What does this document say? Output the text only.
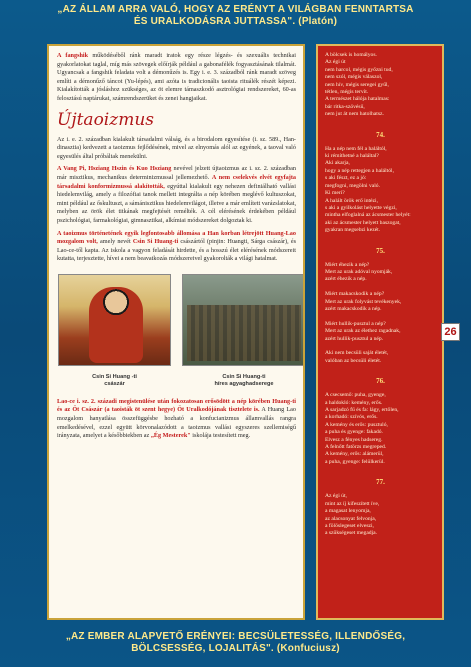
„AZ ÁLLAM ARRA VALÓ, HOGY AZ ERÉNYT A VILÁGBAN FENNTARTSA
ÉS URALKODÁSRA JUTTASSA". (Platón)

A fangshik működéséből ránk maradt iratok egy része légzés- és szexuális technikai gyakorlatokat taglal, míg más szövegek előírják például a gabonafélék fogyasztásának tilalmát. Ugyancsak a fangshik feladata volt a démonűzés is. Egy i. e. 3. századból ránk maradt szöveg említi a démonűző táncot (Yu-lépés), ami azóta is tradicionális taoista rituálék részét képezi. Kialakították a jósláshoz szükséges, az öt elemre támaszkodó asztrológiai rendszereket, 60-as felosztású naptárukat, számrendszerüket és zenei hangjaikat.

Újtaoizmus

Az i. e. 2. században kialakult társadalmi válság, és a birodalom egyesítése (i. sz. 589., Han-dinasztia) kedvezett a taoizmus fejlődésének, mivel az elnyomás alól az egyének, a taoval való egyesülés által próbáltak menekülni.

A Vang Pi, Hsziang Hszin és Kuo Hsziang nevével jelzett újtaoizmus az i. sz. 2. században már misztikus, mechanikus determinizmussal jellemezhető. A nem cselekvés elvét egyfajta társadalmi konformizmussá alakították, egyúttal kialakult egy nehezen definiálható vallási hiedelemvilág, amely a filozófiai tanok mellett integrálta a nép körében meglévő kultuszokat, mint például az őskultuszt, a sámánisztikus hiedelemvilágot, illetve a már említett varázslatokat, melyben az örök élet titkának megfejtését remélték. A cél elérésének érdekében például pszichológiai, farmakológiai, gimnasztikai, alkímiai módszereket dolgoztak ki.

A taoizmus történetének egyik legfontosabb állomása a Han korban létrejött Huang-Lao mozgalom volt, amely nevét Csin Si Huang-ti császártól (pinjin: Huangti, Sárga császár), és Lao-ce-től kapta. Az iskola a vagyon feladását hirdette, és a hosszú élet elérésének módszereit kutatta, terjesztette, hívei a nem beavatkozás módszereivel gyakorolták a világi hatalmat.

Csin Si Huang -ti
császár
Csin Si Huang-ti
híres agyaghadserege

Lao-ce i. sz. 2. századi megistenülése után fokozatosan erősödött a nép körében Huang-ti és az Öt Császár (a taoisták öt szent hegye) Öt Uralkodójának tisztelete is. A Huang Lao mozgalom hanyatlása összefüggésbe hozható a konfucianizmus államvallás rangra emelkedésével, ezzel együtt körvonalazódott a taoizmus vallási egyszeres szellemiségű irányzata, amelyet a későbbiekben az „Ég Mesterek" iskolája testesített meg.

A bölcsek is homályos.
Az égi út
nem harcol, mégis győzni tud,
nem szól, mégis válaszol,
nem hív, mégis seregei gyűl,
tétlen, mégis tervít.
A természet hálója hatalmas:
bár ritka-szövésű,
nem jut át nem hatolhatsz.
74.
Ha a nép nem fél a haláltól,
ki rémíthetné a haláltal?
Aki akarja,
hogy a nép rettegjen a haláltól,
s aki fészt, ez a jó:
megfogni, megölni való.
Ki meri?
A halált örök erő intézi,
s aki a gyilkolást helyette végzi,
mintha elfoglalná az ácsmester helyét:
aki az ácsmester helyett baszogat,
gyakran megsebzi kezét.
75.
Miért éhezik a nép?
Mert az urak adóval nyomják,
azért éhezik a nép.

Miért makacskodik a nép?
Mert az urak folyvást tevékenyek,
azért makacskodik a nép.

Miért hullik-pusztul a nép?
Mert az urak az élethez ragadnak,
azért hullik-pusztul a nép.

Aki nem becsüli saját életét,
valóban az becsüli életét.
76.
A csecsemő: puha, gyenge,
a haldokló: kemény, erős.
A sarjadzó fű és fa: lágy, ertőlen,
a korhadó: szívós, erős.
A kemény és erős: pusztuló,
a puha és gyenge: fakadó.
Elvesz a fényes hadsereg.
A felnőtt fatörzs megreped.
A kemény, erős: alámerül,
a puha, gyenge: felülkerül.
77.
Az égi út,
mint az íj kifeszített íve,
a magasat lenyomja,
az alacsonyat felvonja,
a fölöslegeset elveszi,
a szűkségeset megadja.
26
„AZ EMBER ALAPVETŐ ERÉNYEI: BECSÜLETESSÉG, ILLENDŐSÉG,
BÖLCSESSÉG, LOJALITÁS". (Konfuciusz)
